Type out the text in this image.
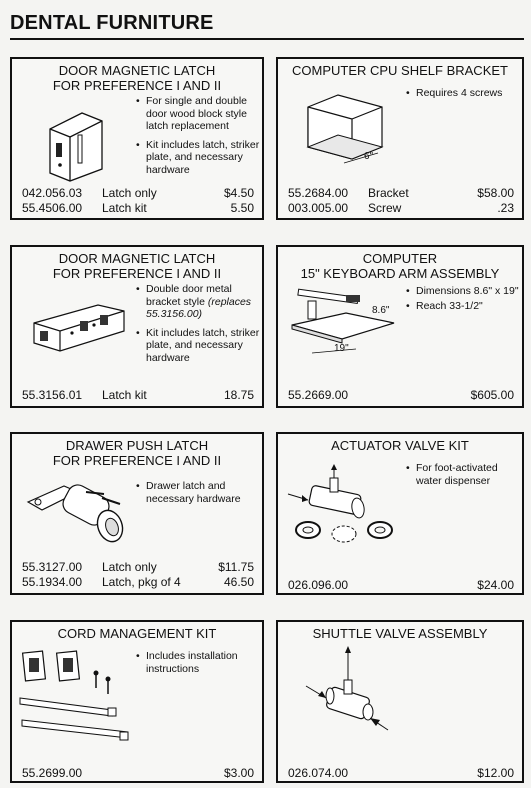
DENTAL FURNITURE
DOOR MAGNETIC LATCH
FOR PREFERENCE I AND II
• For single and double door wood block style latch replacement
• Kit includes latch, striker plate, and necessary hardware
042.056.03	Latch only	$4.50
55.4506.00	Latch kit	5.50
COMPUTER CPU SHELF BRACKET
6"
• Requires 4 screws
55.2684.00	Bracket	$58.00
003.005.00	Screw	.23
DOOR MAGNETIC LATCH
FOR PREFERENCE I AND II
• Double door metal bracket style (replaces 55.3156.00)
• Kit includes latch, striker plate, and necessary hardware
55.3156.01	Latch kit	18.75
COMPUTER
15" KEYBOARD ARM ASSEMBLY
8.6"
19"
• Dimensions 8.6" x 19"
• Reach 33-1/2"
55.2669.00	$605.00
DRAWER PUSH LATCH
FOR PREFERENCE I AND II
• Drawer latch and necessary hardware
55.3127.00	Latch only	$11.75
55.1934.00	Latch, pkg of 4	46.50
ACTUATOR VALVE KIT
• For foot-activated water dispenser
026.096.00	$24.00
CORD MANAGEMENT KIT
• Includes installation instructions
55.2699.00	$3.00
SHUTTLE VALVE ASSEMBLY
026.074.00	$12.00
